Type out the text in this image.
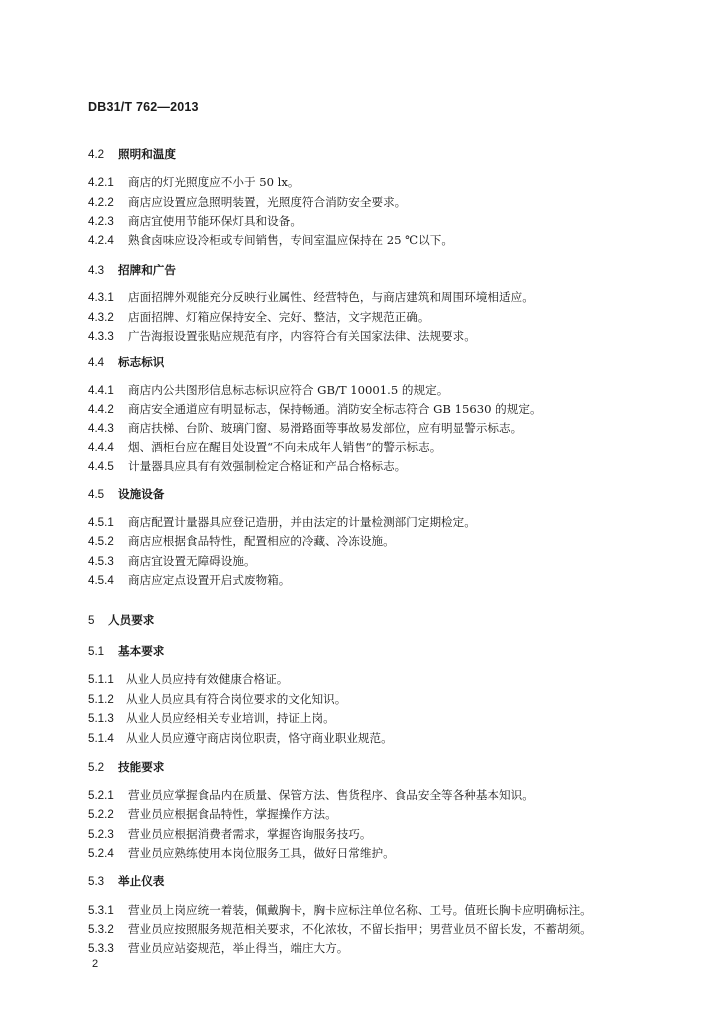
DB31/T 762—2013
4.2 照明和温度
4.2.1 商店的灯光照度应不小于 50 lx。
4.2.2 商店应设置应急照明装置，光照度符合消防安全要求。
4.2.3 商店宜使用节能环保灯具和设备。
4.2.4 熟食卤味应设冷柜或专间销售，专间室温应保持在 25 ℃以下。
4.3 招牌和广告
4.3.1 店面招牌外观能充分反映行业属性、经营特色，与商店建筑和周围环境相适应。
4.3.2 店面招牌、灯箱应保持安全、完好、整洁，文字规范正确。
4.3.3 广告海报设置张贴应规范有序，内容符合有关国家法律、法规要求。
4.4 标志标识
4.4.1 商店内公共图形信息标志标识应符合 GB/T 10001.5 的规定。
4.4.2 商店安全通道应有明显标志，保持畅通。消防安全标志符合 GB 15630 的规定。
4.4.3 商店扶梯、台阶、玻璃门窗、易滑路面等事故易发部位，应有明显警示标志。
4.4.4 烟、酒柜台应在醒目处设置“不向未成年人销售”的警示标志。
4.4.5 计量器具应具有有效强制检定合格证和产品合格标志。
4.5 设施设备
4.5.1 商店配置计量器具应登记造册，并由法定的计量检测部门定期检定。
4.5.2 商店应根据食品特性，配置相应的冷藏、冷冻设施。
4.5.3 商店宜设置无障碍设施。
4.5.4 商店应定点设置开启式废物箱。
5 人员要求
5.1 基本要求
5.1.1 从业人员应持有效健康合格证。
5.1.2 从业人员应具有符合岗位要求的文化知识。
5.1.3 从业人员应经相关专业培训，持证上岗。
5.1.4 从业人员应遵守商店岗位职责，恪守商业职业规范。
5.2 技能要求
5.2.1 营业员应掌握食品内在质量、保管方法、售货程序、食品安全等各种基本知识。
5.2.2 营业员应根据食品特性，掌握操作方法。
5.2.3 营业员应根据消费者需求，掌握咨询服务技巧。
5.2.4 营业员应熟练使用本岗位服务工具，做好日常维护。
5.3 举止仪表
5.3.1 营业员上岗应统一着装，佩戴胸卡，胸卡应标注单位名称、工号。值班长胸卡应明确标注。
5.3.2 营业员应按照服务规范相关要求，不化浓妆，不留长指甲；男营业员不留长发，不蓄胡须。
5.3.3 营业员应站姿规范，举止得当，端庄大方。
2
